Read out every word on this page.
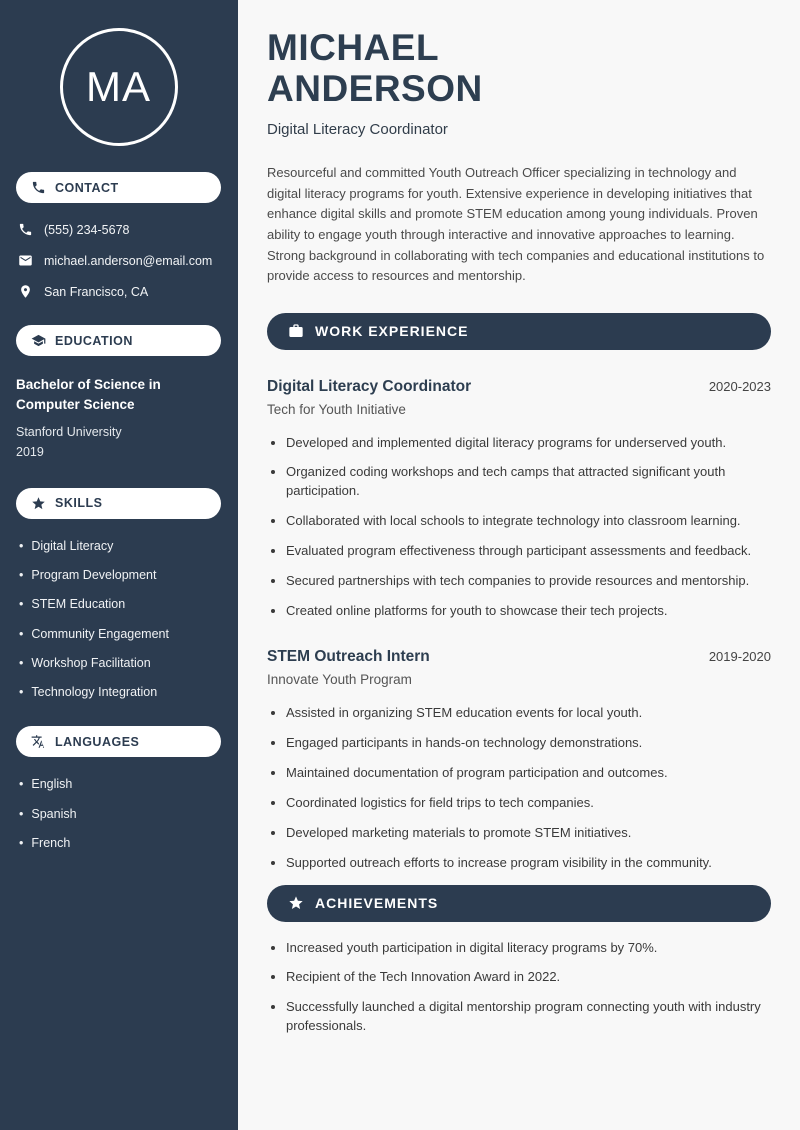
MA
CONTACT
(555) 234-5678
michael.anderson@email.com
San Francisco, CA
EDUCATION
Bachelor of Science in Computer Science
Stanford University
2019
SKILLS
• Digital Literacy
• Program Development
• STEM Education
• Community Engagement
• Workshop Facilitation
• Technology Integration
LANGUAGES
• English
• Spanish
• French
MICHAEL
ANDERSON
Digital Literacy Coordinator

Resourceful and committed Youth Outreach Officer specializing in technology and digital literacy programs for youth. Extensive experience in developing initiatives that enhance digital skills and promote STEM education among young individuals. Proven ability to engage youth through interactive and innovative approaches to learning. Strong background in collaborating with tech companies and educational institutions to provide access to resources and mentorship.

WORK EXPERIENCE
Digital Literacy Coordinator	2020-2023
Tech for Youth Initiative
• Developed and implemented digital literacy programs for underserved youth.
• Organized coding workshops and tech camps that attracted significant youth participation.
• Collaborated with local schools to integrate technology into classroom learning.
• Evaluated program effectiveness through participant assessments and feedback.
• Secured partnerships with tech companies to provide resources and mentorship.
• Created online platforms for youth to showcase their tech projects.
STEM Outreach Intern	2019-2020
Innovate Youth Program
• Assisted in organizing STEM education events for local youth.
• Engaged participants in hands-on technology demonstrations.
• Maintained documentation of program participation and outcomes.
• Coordinated logistics for field trips to tech companies.
• Developed marketing materials to promote STEM initiatives.
• Supported outreach efforts to increase program visibility in the community.
ACHIEVEMENTS
• Increased youth participation in digital literacy programs by 70%.
• Recipient of the Tech Innovation Award in 2022.
• Successfully launched a digital mentorship program connecting youth with industry professionals.
